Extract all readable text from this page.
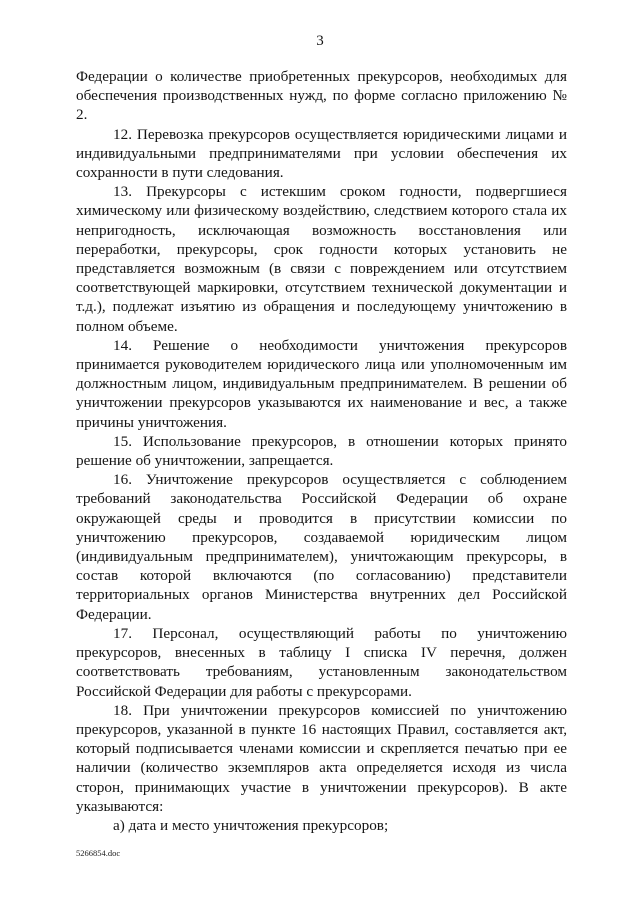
3

Федерации о количестве приобретенных прекурсоров, необходимых для обеспечения производственных нужд, по форме согласно приложению № 2.

12. Перевозка прекурсоров осуществляется юридическими лицами и индивидуальными предпринимателями при условии обеспечения их сохранности в пути следования.

13. Прекурсоры с истекшим сроком годности, подвергшиеся химическому или физическому воздействию, следствием которого стала их непригодность, исключающая возможность восстановления или переработки, прекурсоры, срок годности которых установить не представляется возможным (в связи с повреждением или отсутствием соответствующей маркировки, отсутствием технической документации и т.д.), подлежат изъятию из обращения и последующему уничтожению в полном объеме.

14. Решение о необходимости уничтожения прекурсоров принимается руководителем юридического лица или уполномоченным им должностным лицом, индивидуальным предпринимателем. В решении об уничтожении прекурсоров указываются их наименование и вес, а также причины уничтожения.

15. Использование прекурсоров, в отношении которых принято решение об уничтожении, запрещается.

16. Уничтожение прекурсоров осуществляется с соблюдением требований законодательства Российской Федерации об охране окружающей среды и проводится в присутствии комиссии по уничтожению прекурсоров, создаваемой юридическим лицом (индивидуальным предпринимателем), уничтожающим прекурсоры, в состав которой включаются (по согласованию) представители территориальных органов Министерства внутренних дел Российской Федерации.

17. Персонал, осуществляющий работы по уничтожению прекурсоров, внесенных в таблицу I списка IV перечня, должен соответствовать требованиям, установленным законодательством Российской Федерации для работы с прекурсорами.

18. При уничтожении прекурсоров комиссией по уничтожению прекурсоров, указанной в пункте 16 настоящих Правил, составляется акт, который подписывается членами комиссии и скрепляется печатью при ее наличии (количество экземпляров акта определяется исходя из числа сторон, принимающих участие в уничтожении прекурсоров). В акте указываются:

а) дата и место уничтожения прекурсоров;

5266854.doc
